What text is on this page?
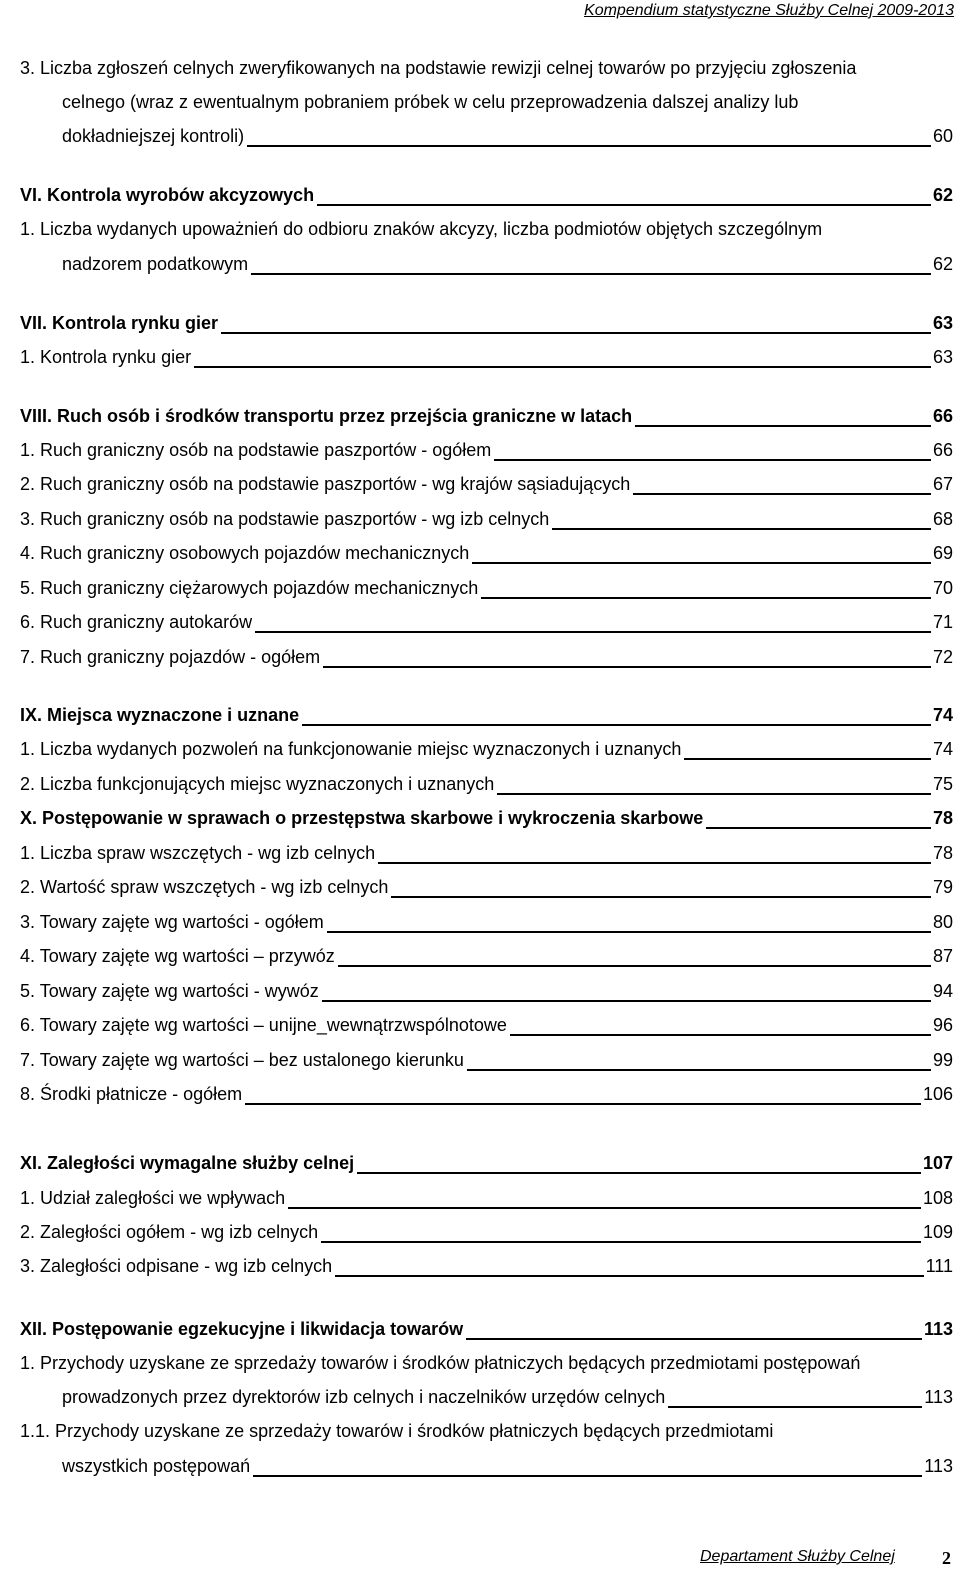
Kompendium statystyczne Służby Celnej 2009-2013
3. Liczba zgłoszeń celnych zweryfikowanych na podstawie rewizji celnej towarów po przyjęciu zgłoszenia
celnego (wraz z ewentualnym pobraniem próbek w celu przeprowadzenia dalszej analizy lub
dokładniejszej kontroli)	60
VI. Kontrola wyrobów akcyzowych	62
1. Liczba wydanych upoważnień do odbioru znaków akcyzy, liczba podmiotów objętych szczególnym
nadzorem podatkowym	62
VII. Kontrola rynku gier	63
1. Kontrola rynku gier	63
VIII. Ruch osób i środków transportu przez przejścia graniczne w latach	66
1. Ruch graniczny osób na podstawie paszportów - ogółem	66
2. Ruch graniczny osób na podstawie paszportów - wg krajów sąsiadujących	67
3. Ruch graniczny osób na podstawie paszportów - wg izb celnych	68
4. Ruch graniczny osobowych pojazdów mechanicznych	69
5. Ruch graniczny ciężarowych pojazdów mechanicznych	70
6. Ruch graniczny autokarów	71
7. Ruch graniczny pojazdów - ogółem	72
IX. Miejsca wyznaczone i uznane	74
1. Liczba wydanych pozwoleń na funkcjonowanie miejsc wyznaczonych i uznanych	74
2. Liczba funkcjonujących miejsc wyznaczonych i uznanych	75
X. Postępowanie w sprawach o przestępstwa skarbowe i wykroczenia skarbowe	78
1. Liczba spraw wszczętych - wg izb celnych	78
2. Wartość spraw wszczętych - wg izb celnych	79
3. Towary zajęte wg wartości - ogółem	80
4. Towary zajęte wg wartości – przywóz	87
5. Towary zajęte wg wartości - wywóz	94
6. Towary zajęte wg wartości – unijne_wewnątrzwspólnotowe	96
7. Towary zajęte wg wartości – bez ustalonego kierunku	99
8. Środki płatnicze - ogółem	106
XI. Zaległości wymagalne służby celnej	107
1. Udział zaległości we wpływach	108
2. Zaległości ogółem - wg izb celnych	109
3. Zaległości odpisane - wg izb celnych	111
XII. Postępowanie egzekucyjne i likwidacja towarów	113
1. Przychody uzyskane ze sprzedaży towarów i środków płatniczych będących przedmiotami postępowań
prowadzonych przez dyrektorów izb celnych i naczelników urzędów celnych	113
1.1. Przychody uzyskane ze sprzedaży towarów i środków płatniczych będących przedmiotami
wszystkich postępowań	113
Departament Służby Celnej	2
